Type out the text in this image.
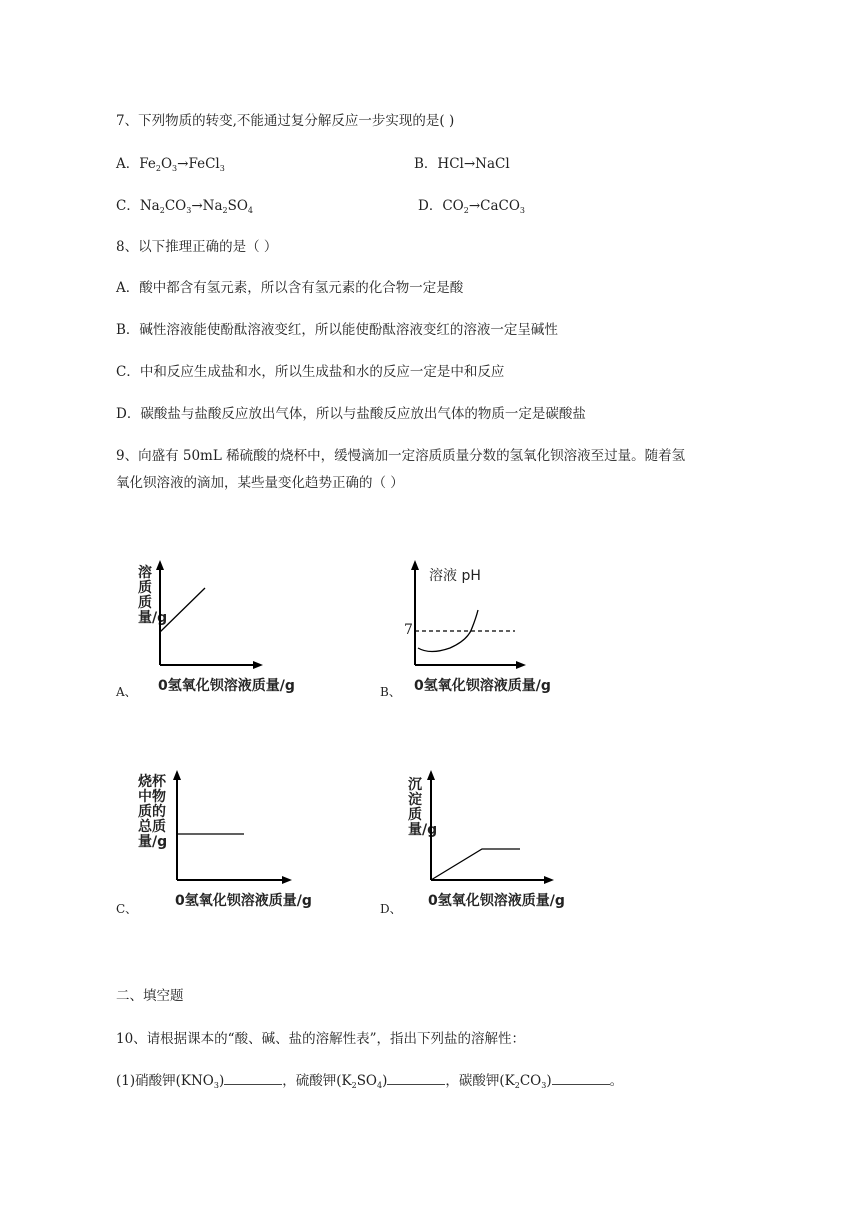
7、下列物质的转变,不能通过复分解反应一步实现的是( )
A．$Fe_2O_3\to FeCl_3$	B．HCl→NaCl
C．$Na_2CO_3\to Na_2SO_4$	D．$CO_2\to CaCO_3$
8、以下推理正确的是（ ）
A．酸中都含有氢元素，所以含有氢元素的化合物一定是酸
B．碱性溶液能使酚酞溶液变红，所以能使酚酞溶液变红的溶液一定呈碱性
C．中和反应生成盐和水，所以生成盐和水的反应一定是中和反应
D．碳酸盐与盐酸反应放出气体，所以与盐酸反应放出气体的物质一定是碳酸盐
9、向盛有 50mL 稀硫酸的烧杯中，缓慢滴加一定溶质质量分数的氢氧化钡溶液至过量。随着氢
氧化钡溶液的滴加，某些量变化趋势正确的（ ）
A、
溶质质量/g
0氢氧化钡溶液质量/g	B、
溶液 pH
7
0氢氧化钡溶液质量/g
C、
烧杯中物质的总质量/g
0氢氧化钡溶液质量/g	D、
沉淀质量/g
0氢氧化钡溶液质量/g
二、填空题
10、请根据课本的“酸、碱、盐的溶解性表”，指出下列盐的溶解性：
(1)硝酸钾$(KNO_3)$	，硫酸钾$(K_2SO_4)$	，碳酸钾$(K_2CO_3)$	。
